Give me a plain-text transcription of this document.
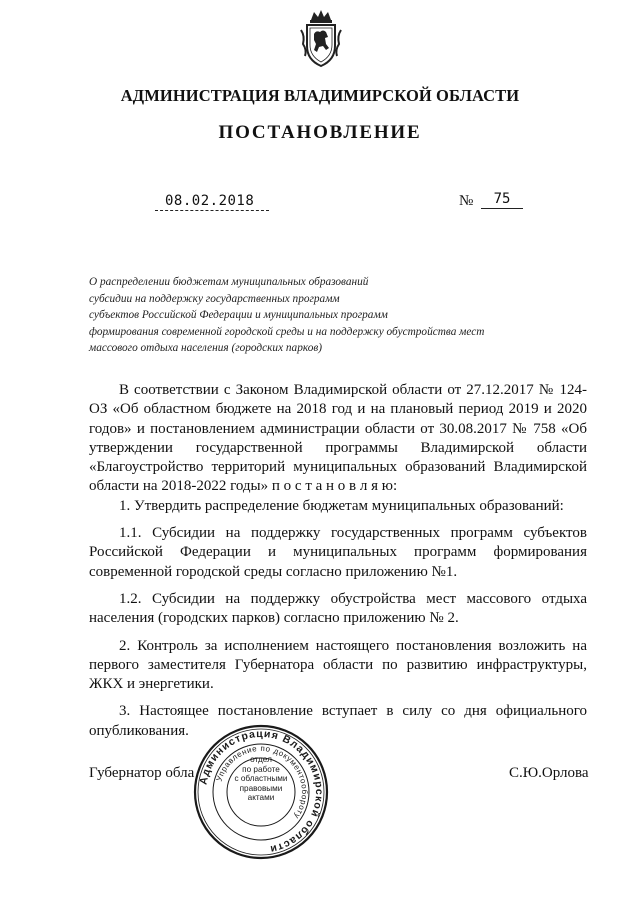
АДМИНИСТРАЦИЯ ВЛАДИМИРСКОЙ ОБЛАСТИ
ПОСТАНОВЛЕНИЕ
08.02.2018	№	75
О распределении бюджетам муниципальных образований
субсидии на поддержку государственных программ
субъектов Российской Федерации и муниципальных программ
формирования современной городской среды и на поддержку обустройства мест
массового отдыха населения (городских парков)

В соответствии с Законом Владимирской области от 27.12.2017 № 124-ОЗ «Об областном бюджете на 2018 год и на плановый период 2019 и 2020 годов» и постановлением администрации области от 30.08.2017 № 758 «Об утверждении государственной программы Владимирской области «Благоустройство территорий муниципальных образований Владимирской области на 2018-2022 годы» п о с т а н о в л я ю:

1. Утвердить распределение бюджетам муниципальных образований:

1.1. Субсидии на поддержку государственных программ субъектов Российской Федерации и муниципальных программ формирования современной городской среды согласно приложению №1.

1.2. Субсидии на поддержку обустройства мест массового отдыха населения (городских парков) согласно приложению № 2.

2. Контроль за исполнением настоящего постановления возложить на первого заместителя Губернатора области по развитию инфраструктуры, ЖКХ и энергетики.

3. Настоящее постановление вступает в силу со дня официального опубликования.

Губернатор обла	С.Ю.Орлова
Администрация Владимирской области
Управление по документообороту
отдел
по работе
с областными
правовыми
актами
